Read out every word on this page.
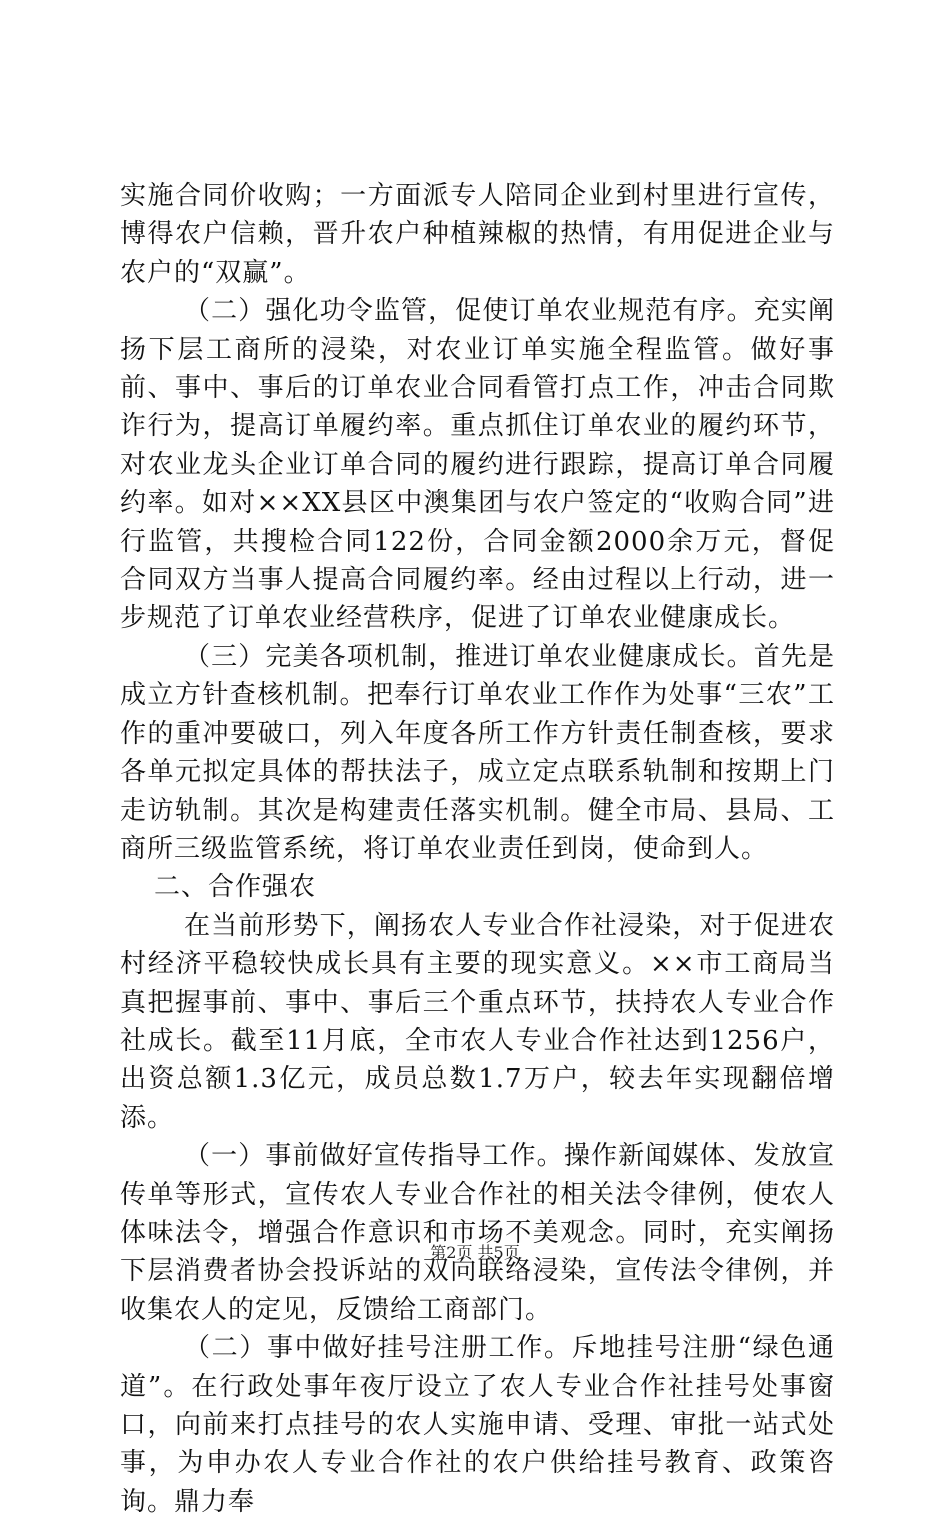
实施合同价收购；一方面派专人陪同企业到村里进行宣传，博得农户信赖，晋升农户种植辣椒的热情，有用促进企业与农户的“双赢”。

（二）强化功令监管，促使订单农业规范有序。充实阐扬下层工商所的浸染，对农业订单实施全程监管。做好事前、事中、事后的订单农业合同看管打点工作，冲击合同欺诈行为，提高订单履约率。重点抓住订单农业的履约环节，对农业龙头企业订单合同的履约进行跟踪，提高订单合同履约率。如对××XX县区中澳集团与农户签定的“收购合同”进行监管，共搜检合同122份，合同金额2000余万元，督促合同双方当事人提高合同履约率。经由过程以上行动，进一步规范了订单农业经营秩序，促进了订单农业健康成长。

（三）完美各项机制，推进订单农业健康成长。首先是成立方针查核机制。把奉行订单农业工作作为处事“三农”工作的重冲要破口，列入年度各所工作方针责任制查核，要求各单元拟定具体的帮扶法子，成立定点联系轨制和按期上门走访轨制。其次是构建责任落实机制。健全市局、县局、工商所三级监管系统，将订单农业责任到岗，使命到人。

二、合作强农

在当前形势下，阐扬农人专业合作社浸染，对于促进农村经济平稳较快成长具有主要的现实意义。××市工商局当真把握事前、事中、事后三个重点环节，扶持农人专业合作社成长。截至11月底，全市农人专业合作社达到1256户，出资总额1.3亿元，成员总数1.7万户，较去年实现翻倍增添。

（一）事前做好宣传指导工作。操作新闻媒体、发放宣传单等形式，宣传农人专业合作社的相关法令律例，使农人体味法令，增强合作意识和市场不美观念。同时，充实阐扬下层消费者协会投诉站的双向联络浸染，宣传法令律例，并收集农人的定见，反馈给工商部门。

（二）事中做好挂号注册工作。斥地挂号注册“绿色通道”。在行政处事年夜厅设立了农人专业合作社挂号处事窗口，向前来打点挂号的农人实施申请、受理、审批一站式处事，为申办农人专业合作社的农户供给挂号教育、政策咨询。鼎力奉

第2页 共5页
